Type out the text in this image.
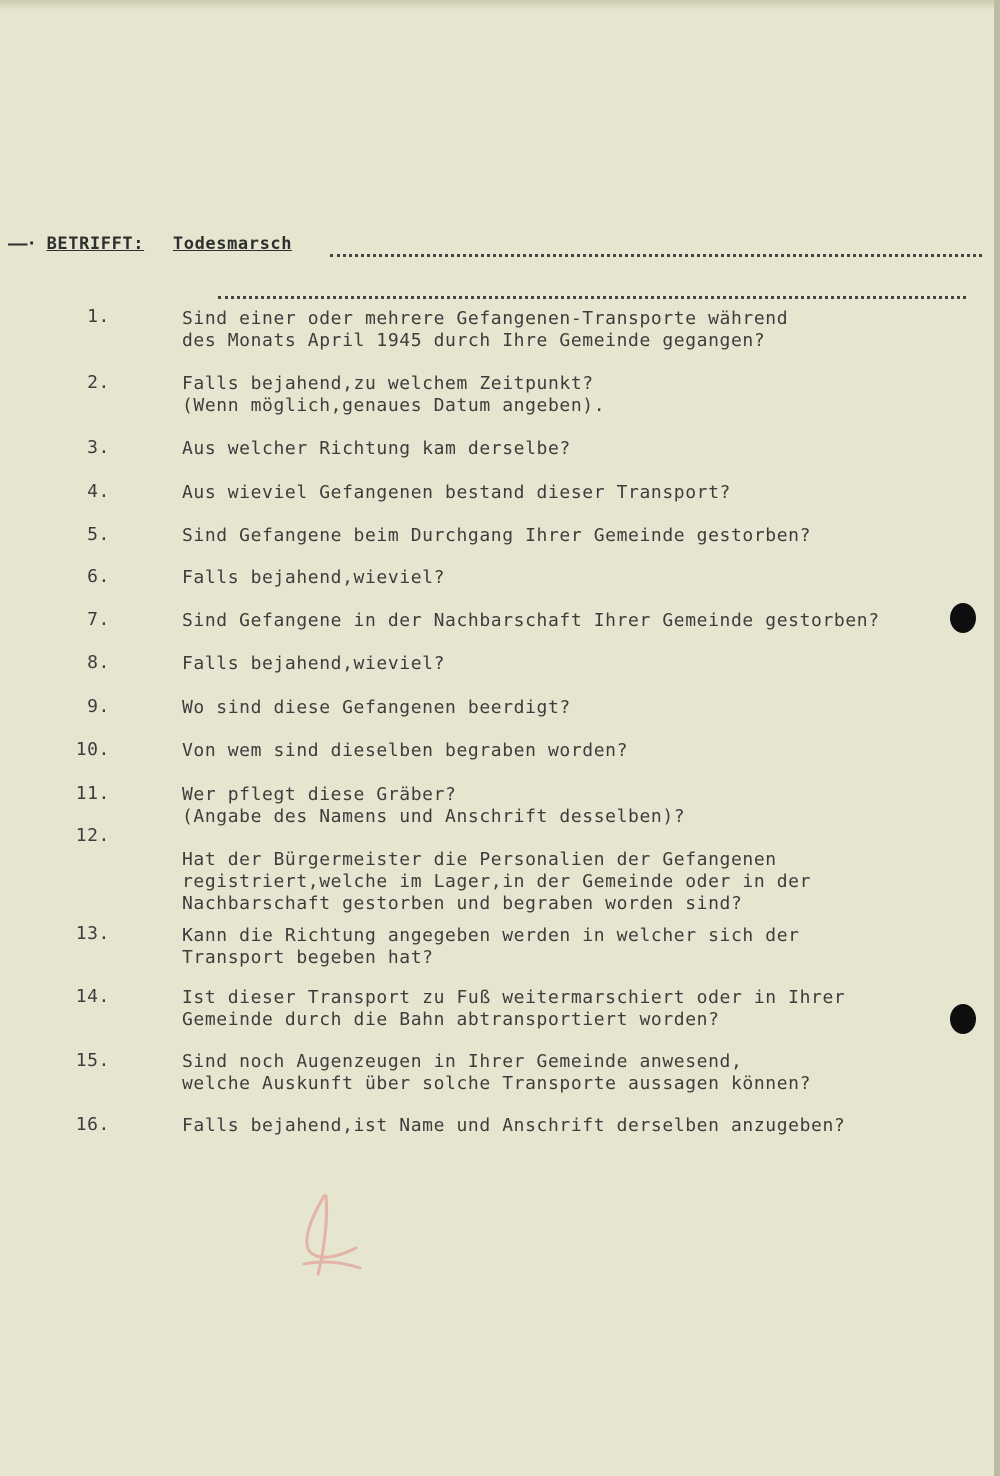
—–· BETRIFFT: Todesmarsch
1.	Sind einer oder mehrere Gefangenen-Transporte während
des Monats April 1945 durch Ihre Gemeinde gegangen?
2.	Falls bejahend,zu welchem Zeitpunkt?
(Wenn möglich,genaues Datum angeben).
3.	Aus welcher Richtung kam derselbe?
4.	Aus wieviel Gefangenen bestand dieser Transport?
5.	Sind Gefangene beim Durchgang Ihrer Gemeinde gestorben?
6.	Falls bejahend,wieviel?
7.	Sind Gefangene in der Nachbarschaft Ihrer Gemeinde gestorben?
8.	Falls bejahend,wieviel?
9.	Wo sind diese Gefangenen beerdigt?
10.	Von wem sind dieselben begraben worden?
11.	Wer pflegt diese Gräber?
(Angabe des Namens und Anschrift desselben)?
12.
Hat der Bürgermeister die Personalien der Gefangenen
registriert,welche im Lager,in der Gemeinde oder in der
Nachbarschaft gestorben und begraben worden sind?
13.	Kann die Richtung angegeben werden in welcher sich der
Transport begeben hat?
14.	Ist dieser Transport zu Fuß weitermarschiert oder in Ihrer
Gemeinde durch die Bahn abtransportiert worden?
15.	Sind noch Augenzeugen in Ihrer Gemeinde anwesend,
welche Auskunft über solche Transporte aussagen können?
16.	Falls bejahend,ist Name und Anschrift derselben anzugeben?
